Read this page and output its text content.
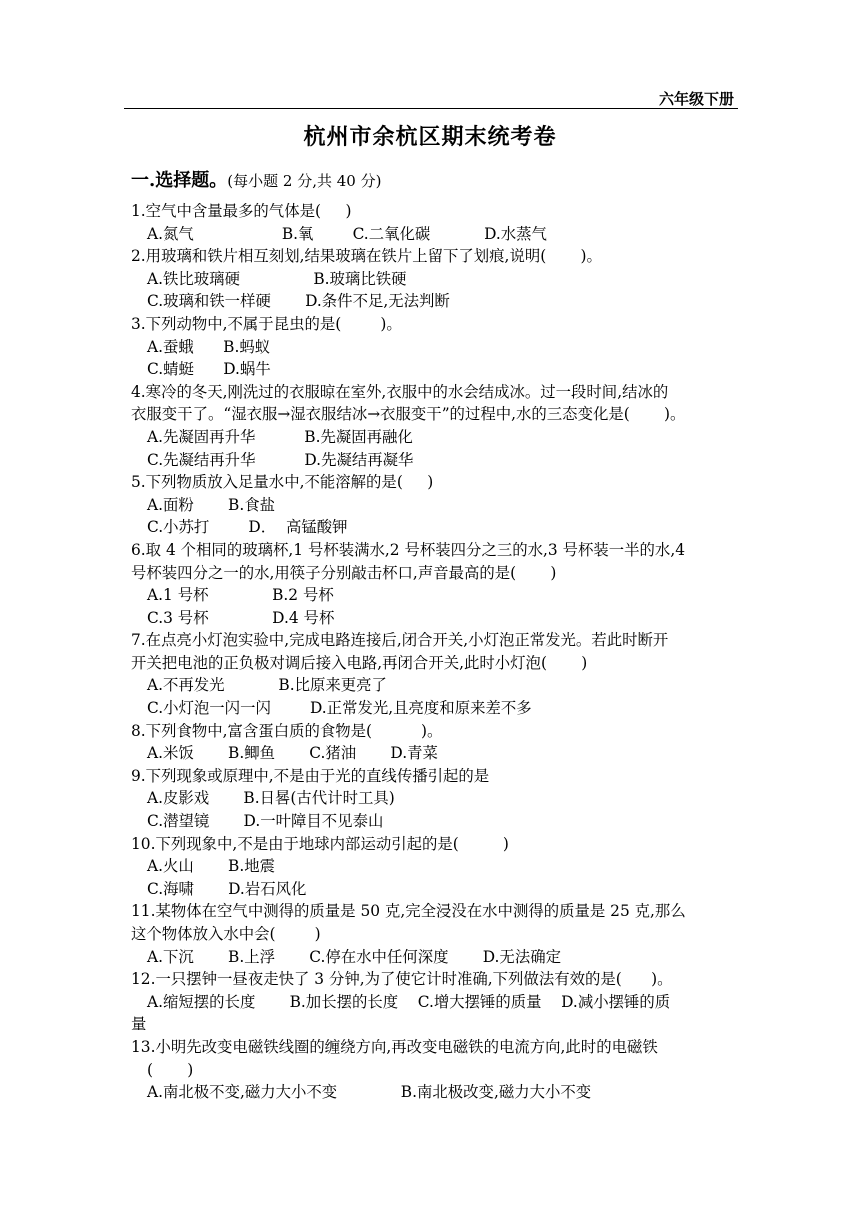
六年级下册
杭州市余杭区期末统考卷
一.选择题。(每小题 2 分,共 40 分)
1.空气中含量最多的气体是(     )
A.氮气                  B.氧        C.二氧化碳           D.水蒸气
2.用玻璃和铁片相互刻划,结果玻璃在铁片上留下了划痕,说明(       )。
A.铁比玻璃硬               B.玻璃比铁硬
C.玻璃和铁一样硬       D.条件不足,无法判断
3.下列动物中,不属于昆虫的是(        )。
A.蚕蛾      B.蚂蚁
C.蜻蜓      D.蜗牛
4.寒冷的冬天,刚洗过的衣服晾在室外,衣服中的水会结成冰。过一段时间,结冰的
衣服变干了。“湿衣服→湿衣服结冰→衣服变干”的过程中,水的三态变化是(       )。
A.先凝固再升华          B.先凝固再融化
C.先凝结再升华          D.先凝结再凝华
5.下列物质放入足量水中,不能溶解的是(     )
A.面粉       B.食盐
C.小苏打        D．  高锰酸钾
6.取 4 个相同的玻璃杯,1 号杯装满水,2 号杯装四分之三的水,3 号杯装一半的水,4
号杯装四分之一的水,用筷子分别敲击杯口,声音最高的是(       )
A.1 号杯             B.2 号杯
C.3 号杯             D.4 号杯
7.在点亮小灯泡实验中,完成电路连接后,闭合开关,小灯泡正常发光。若此时断开
开关把电池的正负极对调后接入电路,再闭合开关,此时小灯泡(       )
A.不再发光           B.比原来更亮了
C.小灯泡一闪一闪        D.正常发光,且亮度和原来差不多
8.下列食物中,富含蛋白质的食物是(          )。
A.米饭       B.鲫鱼       C.猪油       D.青菜
9.下列现象或原理中,不是由于光的直线传播引起的是
A.皮影戏       B.日晷(古代计时工具)
C.潜望镜       D.一叶障目不见泰山
10.下列现象中,不是由于地球内部运动引起的是(         )
A.火山       B.地震
C.海啸       D.岩石风化
11.某物体在空气中测得的质量是 50 克,完全浸没在水中测得的质量是 25 克,那么
这个物体放入水中会(        )
A.下沉       B.上浮       C.停在水中任何深度       D.无法确定
12.一只摆钟一昼夜走快了 3 分钟,为了使它计时准确,下列做法有效的是(      )。
A.缩短摆的长度       B.加长摆的长度    C.增大摆锤的质量    D.减小摆锤的质
量
13.小明先改变电磁铁线圈的缠绕方向,再改变电磁铁的电流方向,此时的电磁铁
(       )
A.南北极不变,磁力大小不变             B.南北极改变,磁力大小不变
